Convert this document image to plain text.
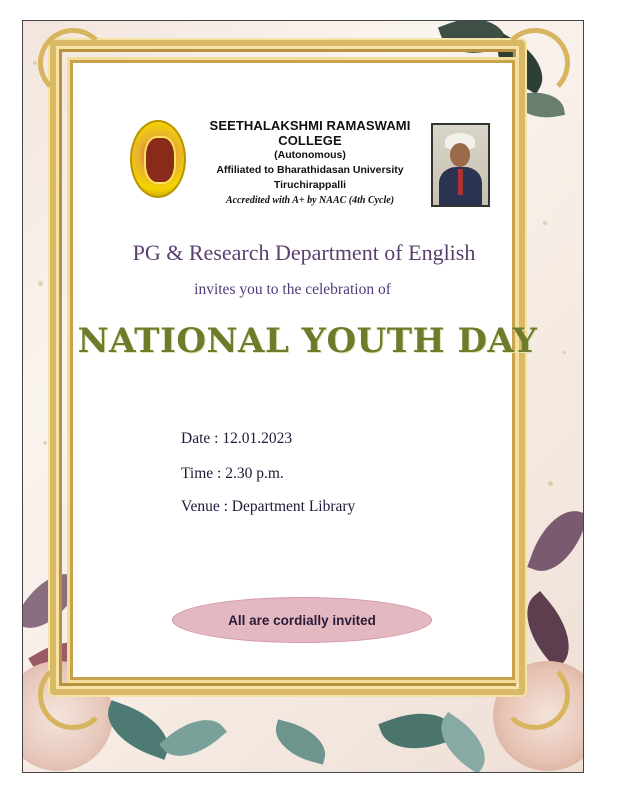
SEETHALAKSHMI RAMASWAMI COLLEGE
(Autonomous)
Affiliated to Bharathidasan University
Tiruchirappalli
Accredited with A+ by NAAC (4th Cycle)
PG & Research Department of English
invites you to the celebration of
NATIONAL YOUTH DAY
Date : 12.01.2023
Time : 2.30 p.m.
Venue : Department Library
All are cordially invited
